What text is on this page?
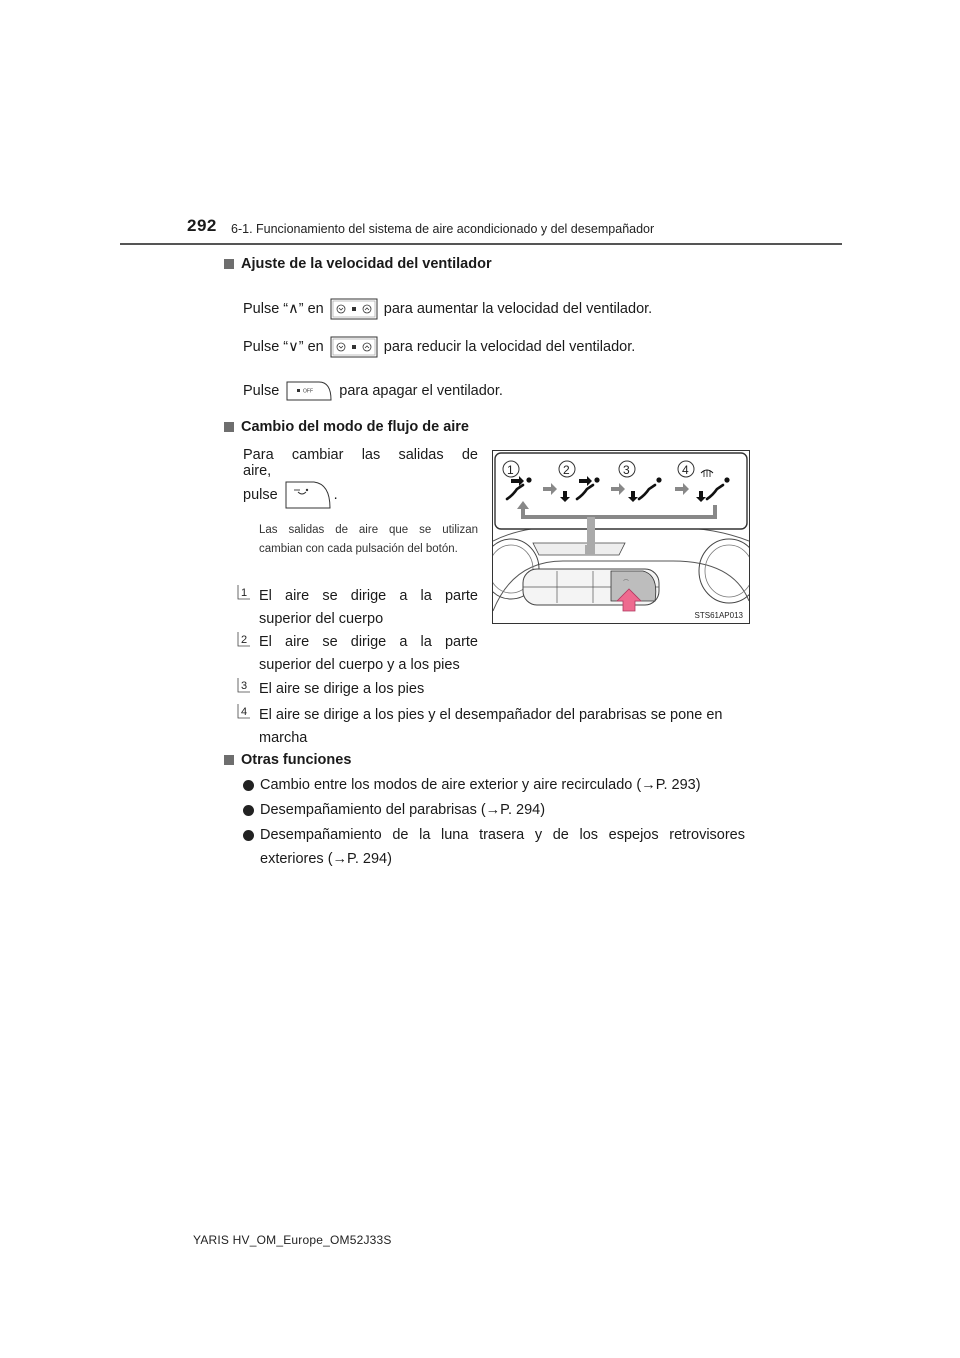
292 6-1. Funcionamiento del sistema de aire acondicionado y del desempañador
Ajuste de la velocidad del ventilador
Pulse “ ∧ ” en	para aumentar la velocidad del ventilador.
Pulse “ ∨ ” en	para reducir la velocidad del ventilador.
Pulse	OFF para apagar el ventilador.
Cambio del modo de flujo de aire
Para cambiar las salidas de aire,
pulse	.
Las salidas de aire que se utilizan cambian con cada pulsación del botón.
1 El aire se dirige a la parte superior del cuerpo
2 El aire se dirige a la parte superior del cuerpo y a los pies
3 El aire se dirige a los pies
4 El aire se dirige a los pies y el desempañador del parabrisas se pone en marcha
⌒
1	2	3	4
STS61AP013
Otras funciones
Cambio entre los modos de aire exterior y aire recirculado (→P. 293)
Desempañamiento del parabrisas (→P. 294)
Desempañamiento de la luna trasera y de los espejos retrovisores exteriores (→P. 294)
YARIS HV_OM_Europe_OM52J33S
